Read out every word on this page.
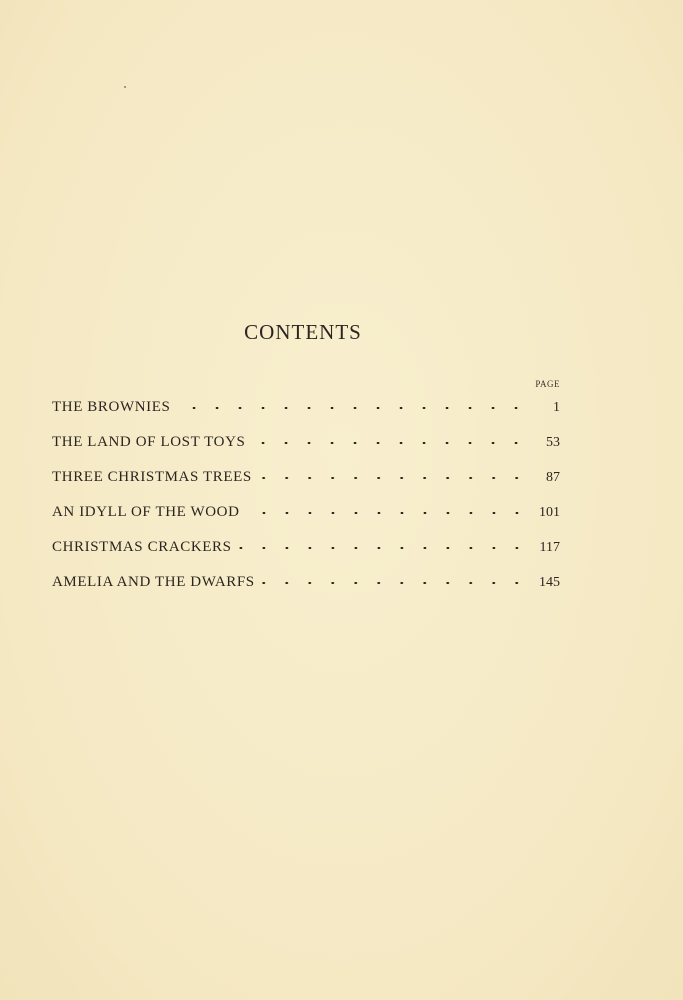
CONTENTS
PAGE
THE BROWNIES	1
THE LAND OF LOST TOYS	53
THREE CHRISTMAS TREES	87
AN IDYLL OF THE WOOD	101
CHRISTMAS CRACKERS	117
AMELIA AND THE DWARFS	145
